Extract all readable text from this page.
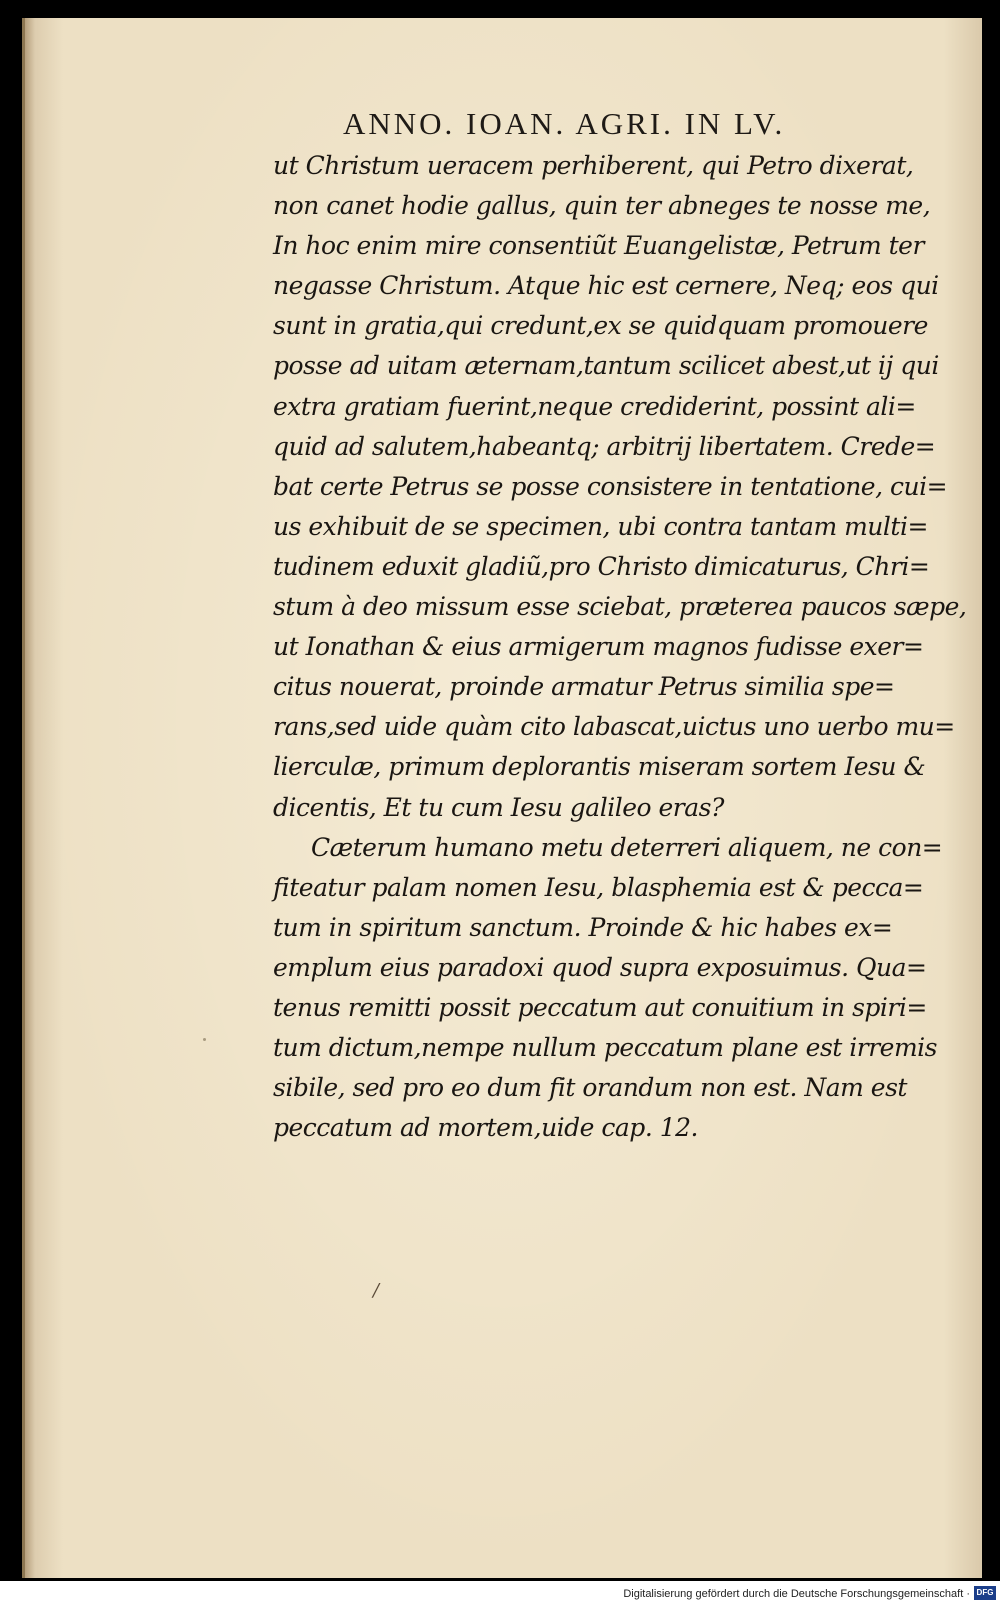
ANNO. IOAN. AGRI. IN LV.
ut Christum ueracem perhiberent, qui Petro dixerat,
non canet hodie gallus, quin ter abneges te nosse me,
In hoc enim mire consentiũt Euangelistæ, Petrum ter
negasse Christum. Atque hic est cernere, Neq; eos qui
sunt in gratia,qui credunt,ex se quidquam promouere
posse ad uitam æternam,tantum scilicet abest,ut ij qui
extra gratiam fuerint,neque crediderint, possint ali=
quid ad salutem,habeantq; arbitrij libertatem. Crede=
bat certe Petrus se posse consistere in tentatione, cui=
us exhibuit de se specimen, ubi contra tantam multi=
tudinem eduxit gladiũ,pro Christo dimicaturus, Chri=
stum à deo missum esse sciebat, præterea paucos sæpe,
ut Ionathan & eius armigerum magnos fudisse exer=
citus nouerat, proinde armatur Petrus similia spe=
rans,sed uide quàm cito labascat,uictus uno uerbo mu=
lierculæ, primum deplorantis miseram sortem Iesu &
dicentis, Et tu cum Iesu galileo eras?
Cæterum humano metu deterreri aliquem, ne con=
fiteatur palam nomen Iesu, blasphemia est & pecca=
tum in spiritum sanctum. Proinde & hic habes ex=
emplum eius paradoxi quod supra exposuimus. Qua=
tenus remitti possit peccatum aut conuitium in spiri=
tum dictum,nempe nullum peccatum plane est irremis
sibile, sed pro eo dum fit orandum non est. Nam est
peccatum ad mortem,uide cap. 12.
/
Digitalisierung gefördert durch die Deutsche Forschungsgemeinschaft · DFG
